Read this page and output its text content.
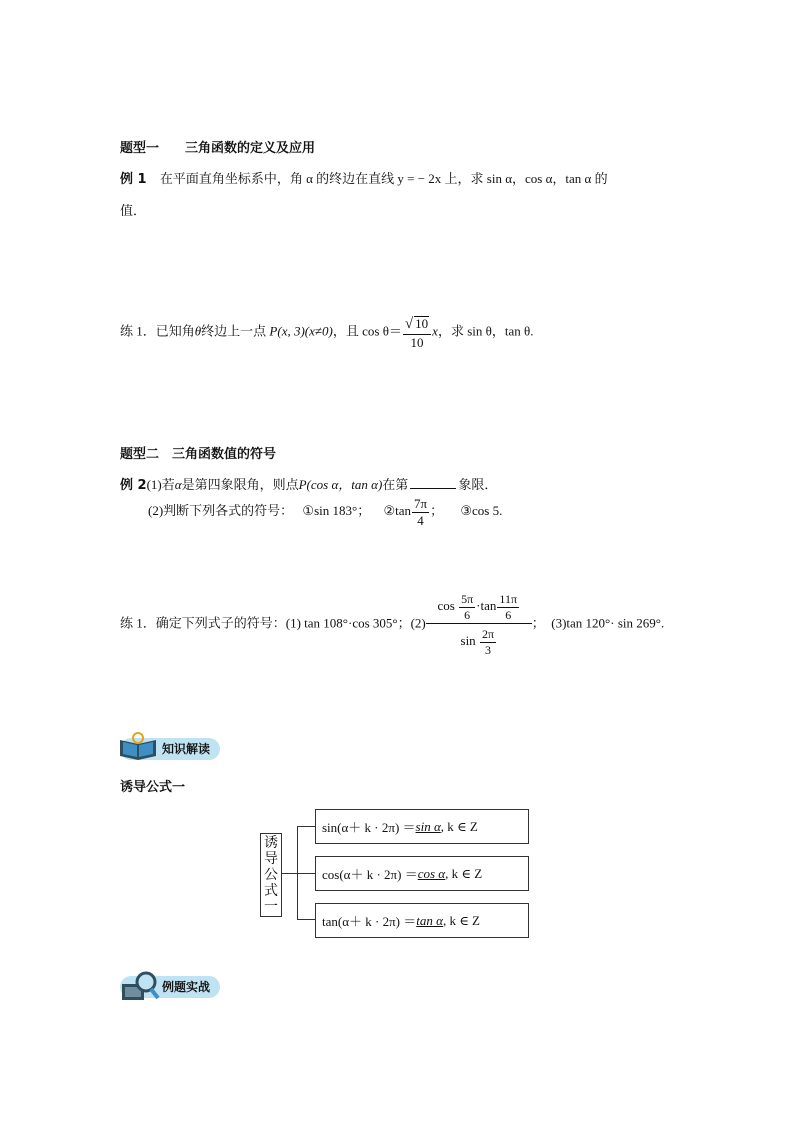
题型一　　三角函数的定义及应用
例 1 在平面直角坐标系中，角 α 的终边在直线 y = − 2x 上，求 sin α，cos α，tan α 的
值．
练 1．已知角θ终边上一点 P(x, 3)(x≠0)，且 $\cos \theta= \frac{√ 10}{10}$ x，求 sin θ，tan θ.
题型二　三角函数值的符号
例 2(1)若α是第四象限角，则点P(cos α，tan α)在第	象限．
(2)判断下列各式的符号： ①sin 183°； ②tan $\frac{7\pi}{4}$ ； ③cos 5.
练 1．确定下列式子的符号：(1) tan 108°·cos 305°；$(2) \frac{\cos \frac{5\pi}{6} \cdot\tan \frac{11\pi}{6}}{\sin \frac{2\pi}{3}}$ ；　(3)tan 120°· sin 269°.
知识解读
诱导公式一
诱
导
公
式
一
sin(α＋ k · 2π) ＝ sin α , k ∈ Z
cos(α＋ k · 2π) ＝ cos α , k ∈ Z
tan(α＋ k · 2π) ＝ tan α , k ∈ Z
例题实战
